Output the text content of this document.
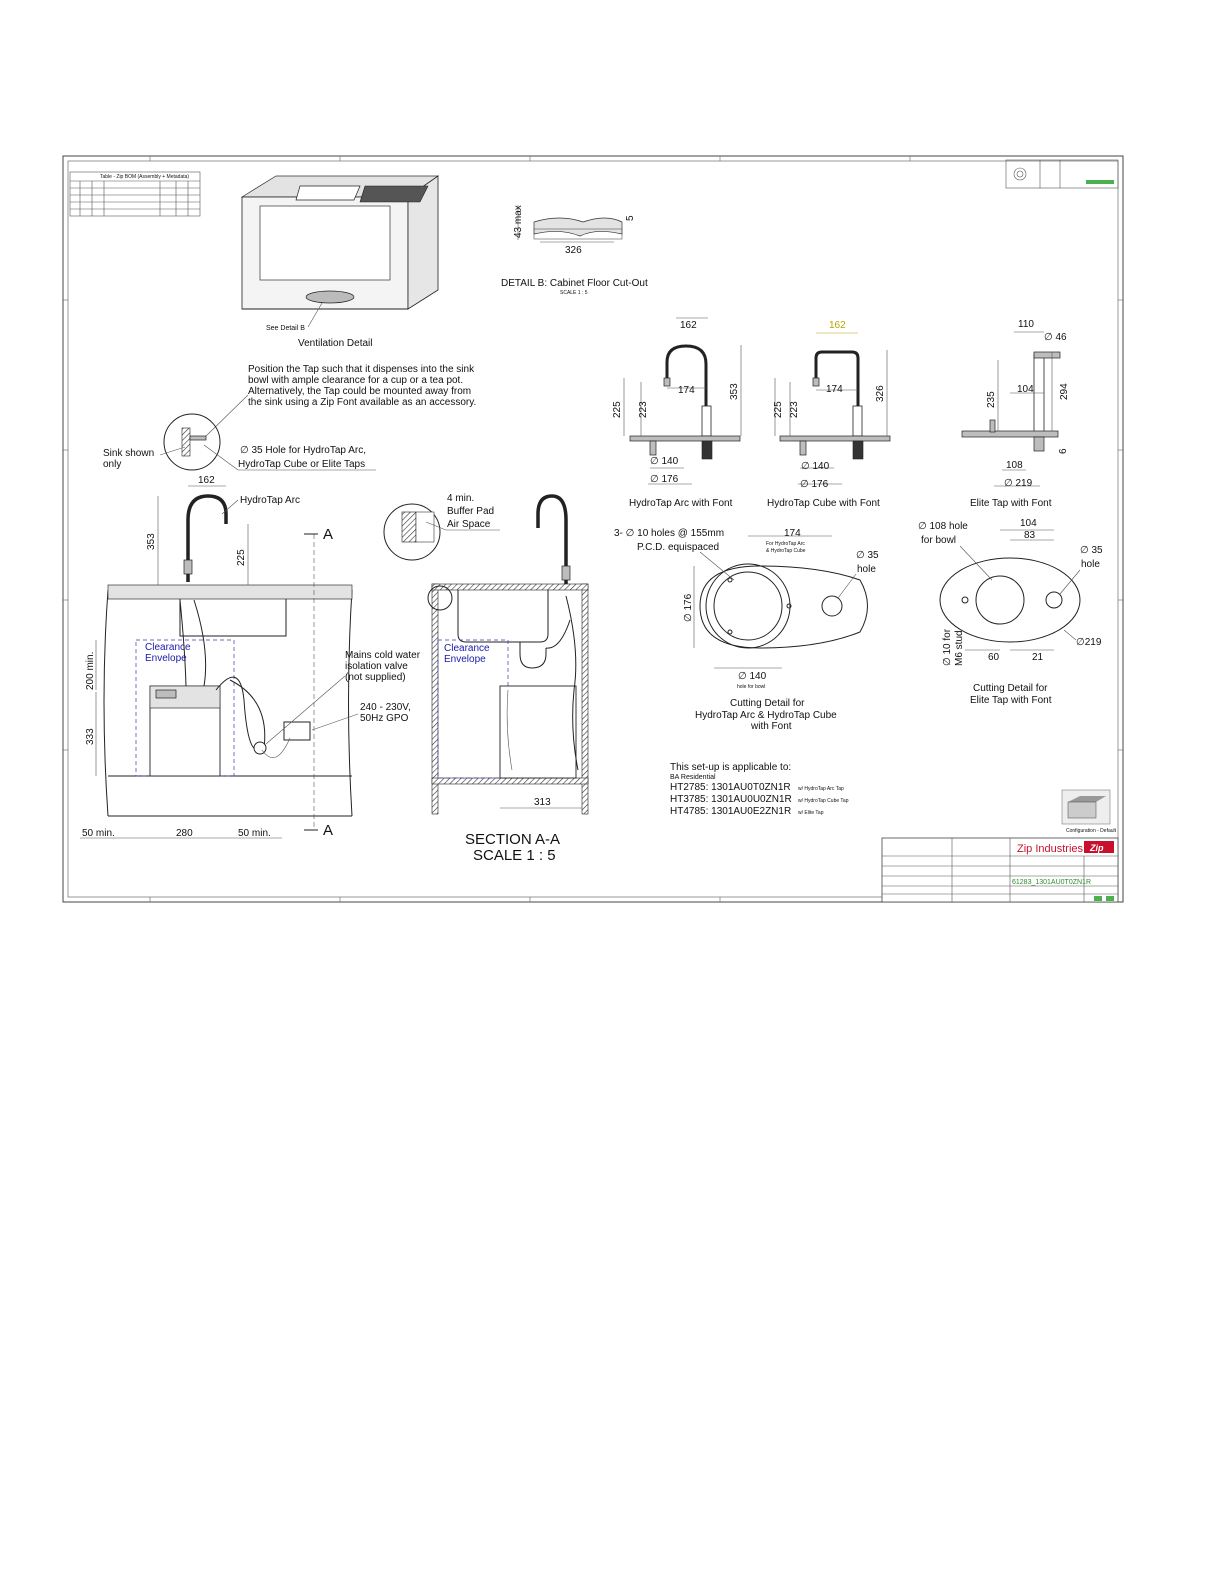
Table - Zip BOM (Assembly + Metadata)
See Detail B
Ventilation Detail
43 max
326
5
DETAIL B: Cabinet Floor Cut-Out
SCALE 1 : 5
Position the Tap such that it dispenses into the sink
bowl with ample clearance for a cup or a tea pot.
Alternatively, the Tap could be mounted away from
the sink using a Zip Font available as an accessory.
Sink shown
only
∅ 35 Hole for HydroTap Arc,
HydroTap Cube or Elite Taps
162
174	353
225 223
∅ 140
∅ 176
HydroTap Arc with Font
162
174	326
225 223
∅ 140
∅ 176
HydroTap Cube with Font
110
∅ 46
104
235	294
6
108
∅ 219
Elite Tap with Font
Clearance
Envelope	Mains cold water
isolation valve
(not supplied)
240 - 230V,
50Hz GPO
162
HydroTap Arc
353
225
200 min.
333
50 min.	280	50 min.
A
A
4 min.
Buffer Pad
Air Space
Clearance
Envelope
313
SECTION A-A
SCALE 1 : 5
3- ∅ 10 holes @ 155mm
P.C.D. equispaced
174
For HydroTap Arc
& HydroTap Cube	∅ 35
hole
∅ 176
∅ 140
hole for bowl
Cutting Detail for
HydroTap Arc & HydroTap Cube
with Font
∅ 108 hole
for bowl
104
83
∅ 35
hole
∅219
∅ 10 for M6 stud 60	21
Cutting Detail for
Elite Tap with Font
This set-up is applicable to:
BA Residential
HT2785: 1301AU0T0ZN1R w/ HydroTap Arc Tap
HT3785: 1301AU0U0ZN1R w/ HydroTap Cube Tap
HT4785: 1301AU0E2ZN1R w/ Elite Tap
Configuration - Default
Zip Industries Zip
61283_1301AU0T0ZN1R
